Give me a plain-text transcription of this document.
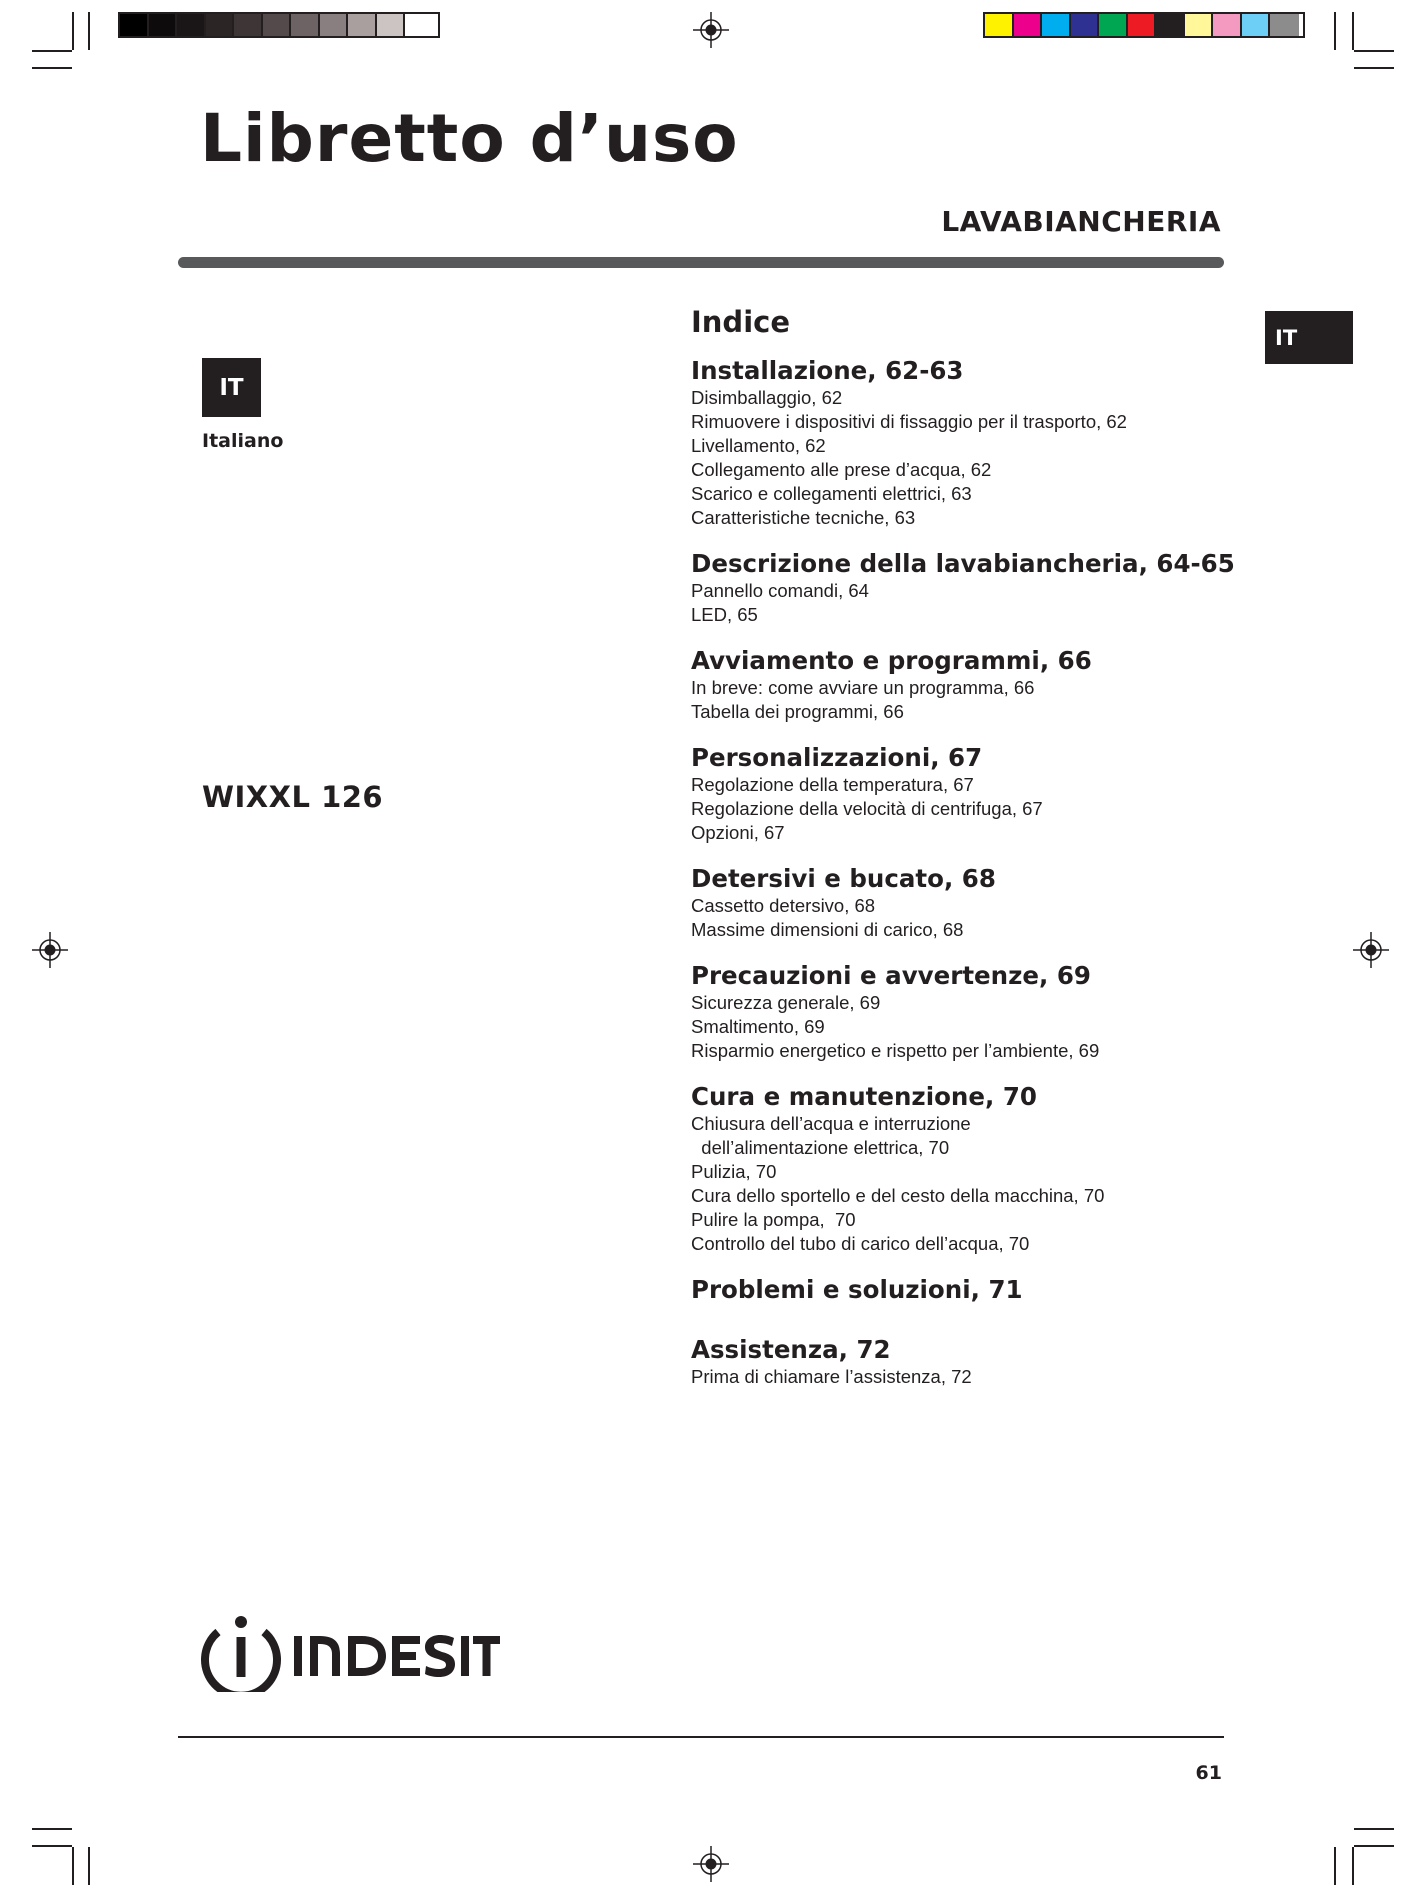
Libretto d’uso
LAVABIANCHERIA
IT
Italiano
WIXXL 126
IT
Indice
Installazione, 62-63
Disimballaggio, 62
Rimuovere i dispositivi di fissaggio per il trasporto, 62
Livellamento, 62
Collegamento alle prese d’acqua, 62
Scarico e collegamenti elettrici, 63
Caratteristiche tecniche, 63
Descrizione della lavabiancheria, 64-65
Pannello comandi, 64
LED, 65
Avviamento e programmi, 66
In breve: come avviare un programma, 66
Tabella dei programmi, 66
Personalizzazioni, 67
Regolazione della temperatura, 67
Regolazione della velocità di centrifuga, 67
Opzioni, 67
Detersivi e bucato, 68
Cassetto detersivo, 68
Massime dimensioni di carico, 68
Precauzioni e avvertenze, 69
Sicurezza generale, 69
Smaltimento, 69
Risparmio energetico e rispetto per l’ambiente, 69
Cura e manutenzione, 70
Chiusura dell’acqua e interruzione
dell’alimentazione elettrica, 70
Pulizia, 70
Cura dello sportello e del cesto della macchina, 70
Pulire la pompa,  70
Controllo del tubo di carico dell’acqua, 70
Problemi e soluzioni, 71
Assistenza, 72
Prima di chiamare l’assistenza, 72
61
